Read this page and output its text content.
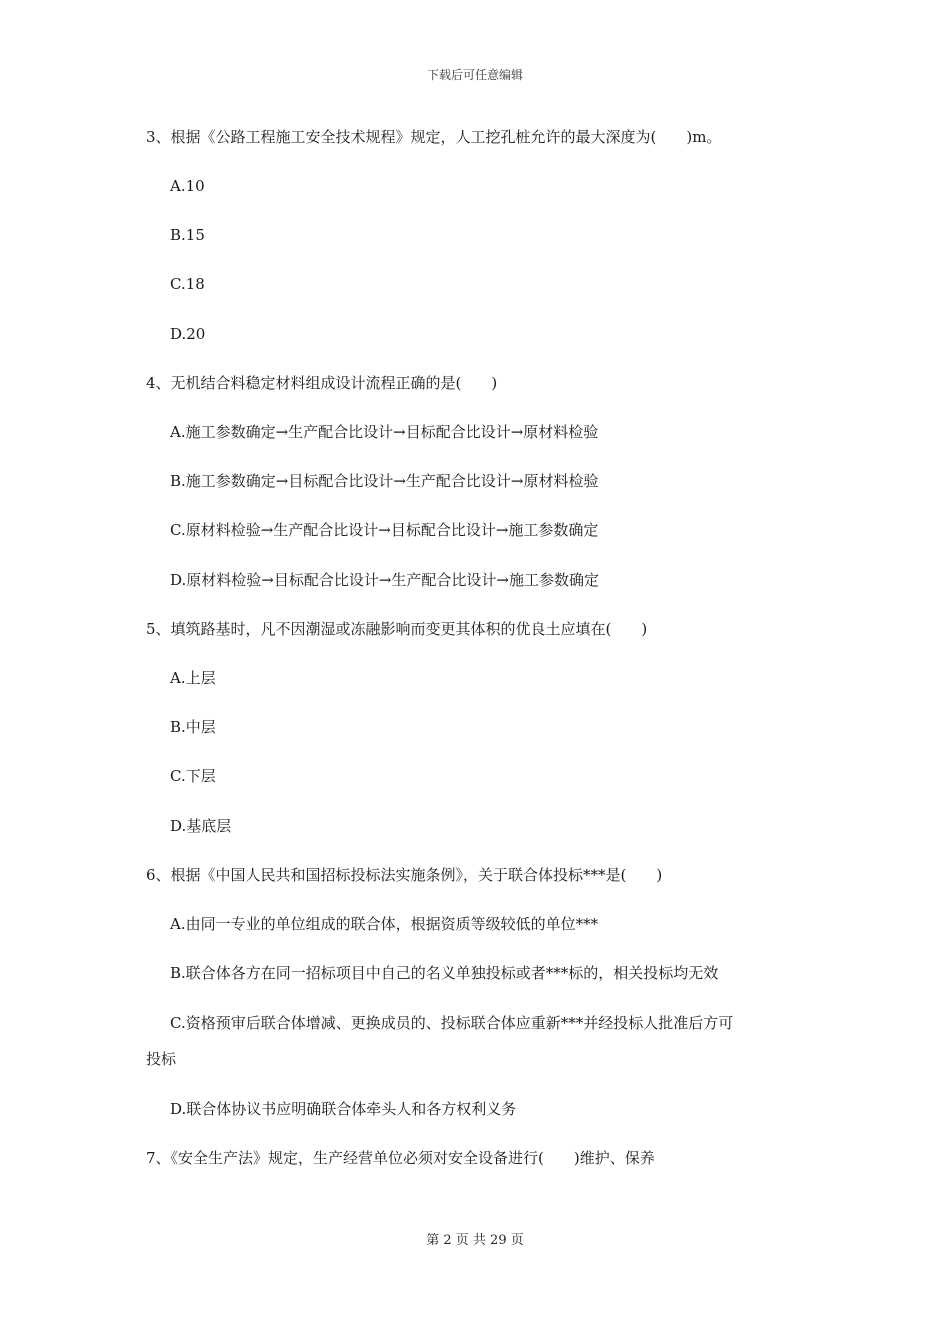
下载后可任意编辑
3、根据《公路工程施工安全技术规程》规定，人工挖孔桩允许的最大深度为(　　)m。
A.10
B.15
C.18
D.20
4、无机结合料稳定材料组成设计流程正确的是(　　)
A.施工参数确定→生产配合比设计→目标配合比设计→原材料检验
B.施工参数确定→目标配合比设计→生产配合比设计→原材料检验
C.原材料检验→生产配合比设计→目标配合比设计→施工参数确定
D.原材料检验→目标配合比设计→生产配合比设计→施工参数确定
5、填筑路基时，凡不因潮湿或冻融影响而变更其体积的优良土应填在(　　)
A.上层
B.中层
C.下层
D.基底层
6、根据《中国人民共和国招标投标法实施条例》，关于联合体投标***是(　　)
A.由同一专业的单位组成的联合体，根据资质等级较低的单位***
B.联合体各方在同一招标项目中自己的名义单独投标或者***标的，相关投标均无效
C.资格预审后联合体增减、更换成员的、投标联合体应重新***并经投标人批准后方可
投标
D.联合体协议书应明确联合体牵头人和各方权利义务
7、《安全生产法》规定，生产经营单位必须对安全设备进行(　　)维护、保养
第 2 页 共 29 页
